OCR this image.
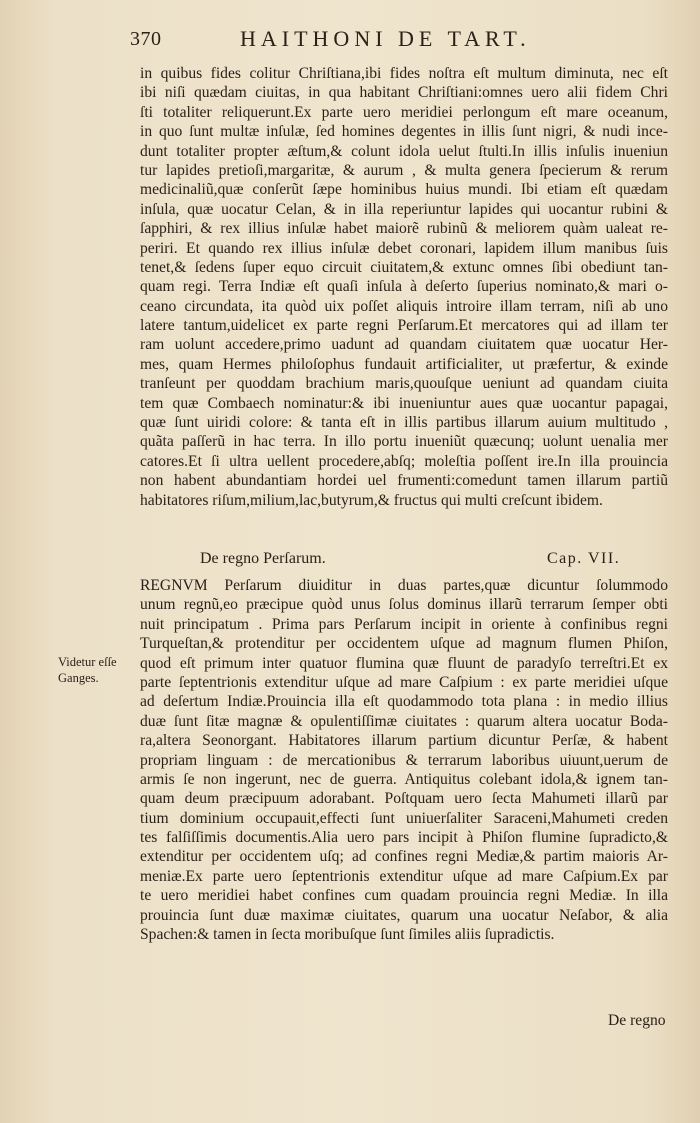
370	HAITHONI DE TART.
in quibus fides colitur Chriſtiana,ibi fides noſtra eſt multum diminuta, nec eſt
ibi niſi quædam ciuitas, in qua habitant Chriſtiani:omnes uero alii fidem Chri
ſti totaliter reliquerunt.Ex parte uero meridiei perlongum eſt mare oceanum,
in quo ſunt multæ inſulæ, ſed homines degentes in illis ſunt nigri, & nudi ince-
dunt totaliter propter æſtum,& colunt idola uelut ſtulti.In illis inſulis inueniun
tur lapides pretioſi,margaritæ, & aurum , & multa genera ſpecierum & rerum
medicinaliũ,quæ conſerũt ſæpe hominibus huius mundi. Ibi etiam eſt quædam
inſula, quæ uocatur Celan, & in illa reperiuntur lapides qui uocantur rubini &
ſapphiri, & rex illius inſulæ habet maiorẽ rubinũ & meliorem quàm ualeat re-
periri. Et quando rex illius inſulæ debet coronari, lapidem illum manibus ſuis
tenet,& ſedens ſuper equo circuit ciuitatem,& extunc omnes ſibi obediunt tan-
quam regi. Terra Indiæ eſt quaſi inſula à deſerto ſuperius nominato,& mari o-
ceano circundata, ita quòd uix poſſet aliquis introire illam terram, niſi ab uno
latere tantum,uidelicet ex parte regni Perſarum.Et mercatores qui ad illam ter
ram uolunt accedere,primo uadunt ad quandam ciuitatem quæ uocatur Her-
mes, quam Hermes philoſophus fundauit artificialiter, ut præfertur, & exinde
tranſeunt per quoddam brachium maris,quouſque ueniunt ad quandam ciuita
tem quæ Combaech nominatur:& ibi inueniuntur aues quæ uocantur papagai,
quæ ſunt uiridi colore: & tanta eſt in illis partibus illarum auium multitudo ,
quãta paſſerũ in hac terra. In illo portu inueniũt quæcunq; uolunt uenalia mer
catores.Et ſi ultra uellent procedere,abſq; moleſtia poſſent ire.In illa prouincia
non habent abundantiam hordei uel frumenti:comedunt tamen illarum partiũ
habitatores riſum,milium,lac,butyrum,& fructus qui multi creſcunt ibidem.
De regno Perſarum.	Cap. VII.
REGNVM Perſarum diuiditur in duas partes,quæ dicuntur ſolummodo
unum regnũ,eo præcipue quòd unus ſolus dominus illarũ terrarum ſemper obti
nuit principatum . Prima pars Perſarum incipit in oriente à confinibus regni
Turqueſtan,& protenditur per occidentem uſque ad magnum flumen Phiſon,
quod eſt primum inter quatuor flumina quæ fluunt de paradyſo terreſtri.Et ex
parte ſeptentrionis extenditur uſque ad mare Caſpium : ex parte meridiei uſque
ad deſertum Indiæ.Prouincia illa eſt quodammodo tota plana : in medio illius
duæ ſunt ſitæ magnæ & opulentiſſimæ ciuitates : quarum altera uocatur Boda-
ra,altera Seonorgant. Habitatores illarum partium dicuntur Perſæ, & habent
propriam linguam : de mercationibus & terrarum laboribus uiuunt,uerum de
armis ſe non ingerunt, nec de guerra. Antiquitus colebant idola,& ignem tan-
quam deum præcipuum adorabant. Poſtquam uero ſecta Mahumeti illarũ par
tium dominium occupauit,effecti ſunt uniuerſaliter Saraceni,Mahumeti creden
tes falſiſſimis documentis.Alia uero pars incipit à Phiſon flumine ſupradicto,&
extenditur per occidentem uſq; ad confines regni Mediæ,& partim maioris Ar-
meniæ.Ex parte uero ſeptentrionis extenditur uſque ad mare Caſpium.Ex par
te uero meridiei habet confines cum quadam prouincia regni Mediæ. In illa
prouincia ſunt duæ maximæ ciuitates, quarum una uocatur Neſabor, & alia
Spachen:& tamen in ſecta moribuſque ſunt ſimiles aliis ſupradictis.
Videtur eſſe
Ganges.
De regno
